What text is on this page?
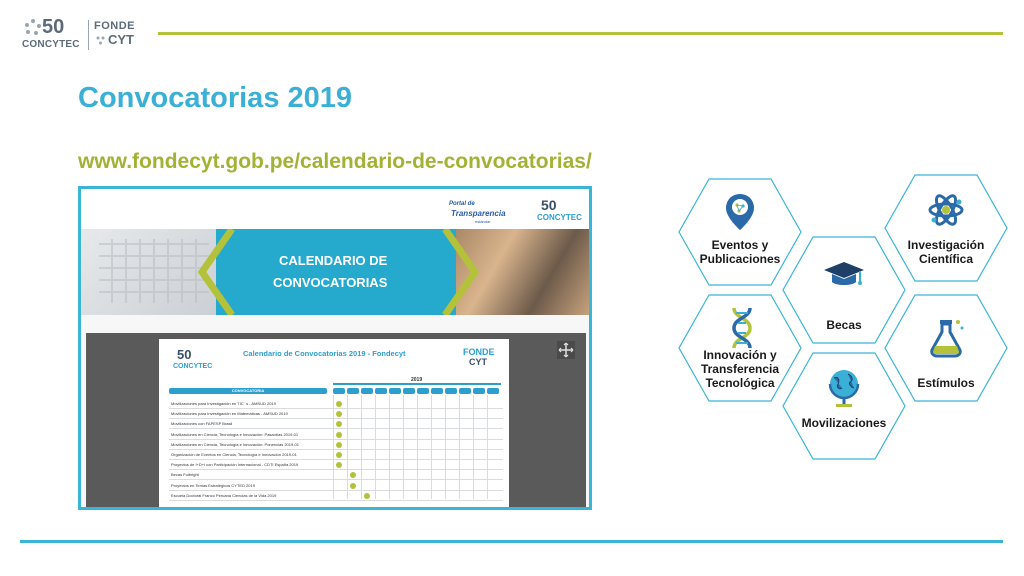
50
CONCYTEC
FONDE
CYT
Convocatorias 2019
www.fondecyt.gob.pe/calendario-de-convocatorias/
CALENDARIO DE
CONVOCATORIAS
Portal de
Transparencia
estándar
50
CONCYTEC
50
CONCYTEC
Calendario de Convocatorias 2019 - Fondecyt	FONDE
CYT
2019
CONVOCATORIA
Movilizaciones para Investigación en TIC´ s - AMSUD 2019
Movilizaciones para Investigación en Matemáticas - AMSUD 2019
Movilizaciones con FAPESP Brasil
Movilizaciones en Ciencia, Tecnología e Innovación: Pasantías 2019-01
Movilizaciones en Ciencia, Tecnología e Innovación: Ponencias 2019-01
Organización de Eventos en Ciencia, Tecnología e Innovación 2019-01
Proyectos de I+D+i con Participación Internacional - CDTI España 2019
Becas Fulbright
Proyectos en Temas Estratégicos CYTED 2019
Escuela Doctoral Franco Peruana Ciencias de la Vida 2019
Eventos y
Publicaciones
Investigación
Científica
Becas
Innovación y
Transferencia
Tecnológica	Estímulos
Movilizaciones
